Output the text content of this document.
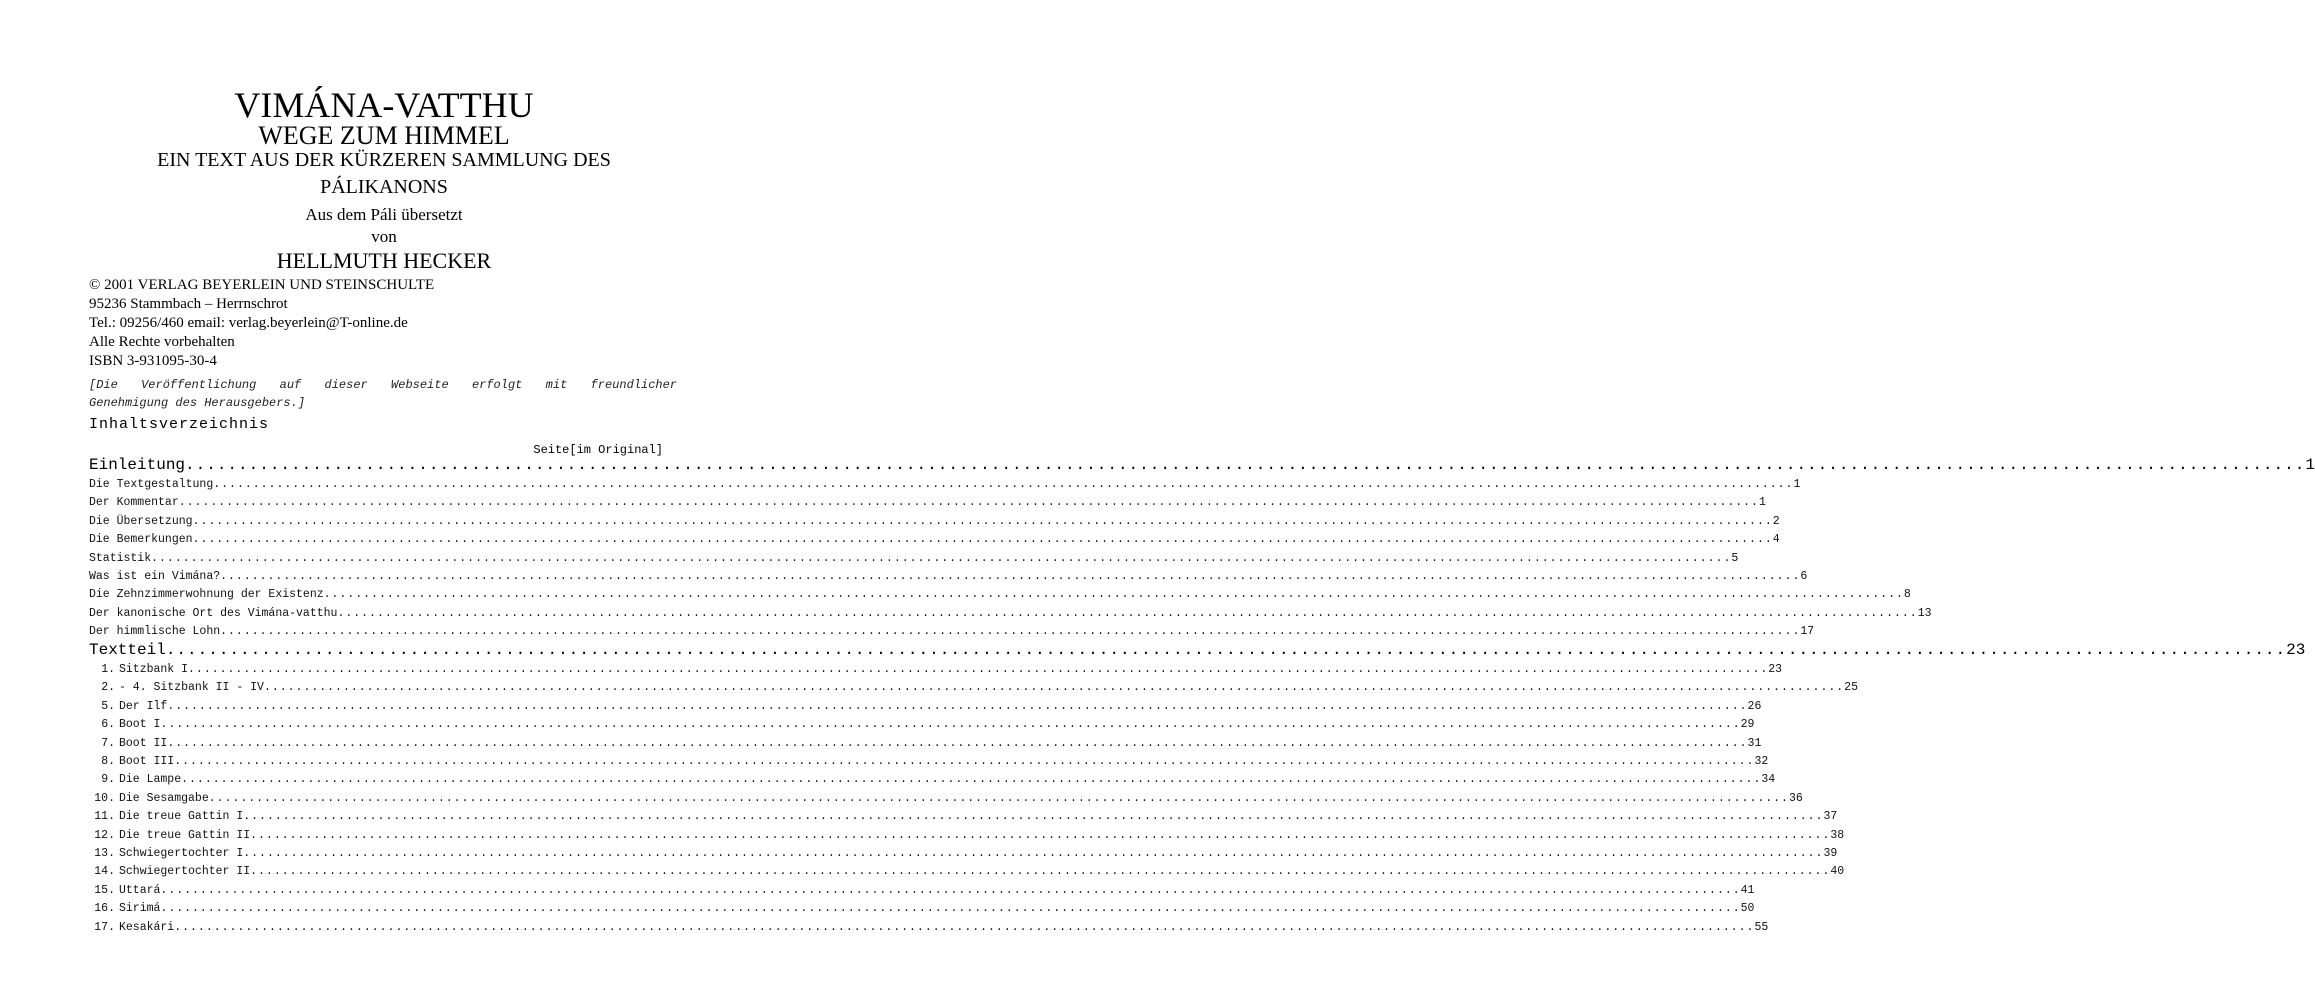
VIMÁNA-VATTHU
WEGE ZUM HIMMEL
EIN TEXT AUS DER KÜRZEREN SAMMLUNG DES
PÁLIKANONS
Aus dem Páli übersetzt
von
HELLMUTH HECKER
© 2001 VERLAG BEYERLEIN UND STEINSCHULTE
95236 Stammbach – Herrnschrot
Tel.: 09256/460 email: verlag.beyerlein@T-online.de
Alle Rechte vorbehalten
ISBN 3-931095-30-4
[Die Veröffentlichung auf dieser Webseite erfolgt mit freundlicher
Genehmigung des Herausgebers.]
Inhaltsverzeichnis
Seite[im Original]
Einleitung ........................................................................................................................................................................................................ 1
Die Textgestaltung ........................................................................................................................................................................................................ 1
Der Kommentar ........................................................................................................................................................................................................ 1
Die Übersetzung ........................................................................................................................................................................................................ 2
Die Bemerkungen ........................................................................................................................................................................................................ 4
Statistik ........................................................................................................................................................................................................ 5
Was ist ein Vimána? ........................................................................................................................................................................................................ 6
Die Zehnzimmerwohnung der Existenz ........................................................................................................................................................................................................ 8
Der kanonische Ort des Vimána-vatthu ........................................................................................................................................................................................................ 13
Der himmlische Lohn ........................................................................................................................................................................................................ 17
Textteil ........................................................................................................................................................................................................ 23
1. Sitzbank I ........................................................................................................................................................................................................ 23
2. - 4. Sitzbank II - IV ........................................................................................................................................................................................................ 25
5. Der Ilf ........................................................................................................................................................................................................ 26
6. Boot I ........................................................................................................................................................................................................ 29
7. Boot II ........................................................................................................................................................................................................ 31
8. Boot III ........................................................................................................................................................................................................ 32
9. Die Lampe ........................................................................................................................................................................................................ 34
10. Die Sesamgabe ........................................................................................................................................................................................................ 36
11. Die treue Gattin I ........................................................................................................................................................................................................ 37
12. Die treue Gattin II ........................................................................................................................................................................................................ 38
13. Schwiegertochter I ........................................................................................................................................................................................................ 39
14. Schwiegertochter II ........................................................................................................................................................................................................ 40
15. Uttará ........................................................................................................................................................................................................ 41
16. Sirimá ........................................................................................................................................................................................................ 50
17. Kesakári ........................................................................................................................................................................................................ 55
